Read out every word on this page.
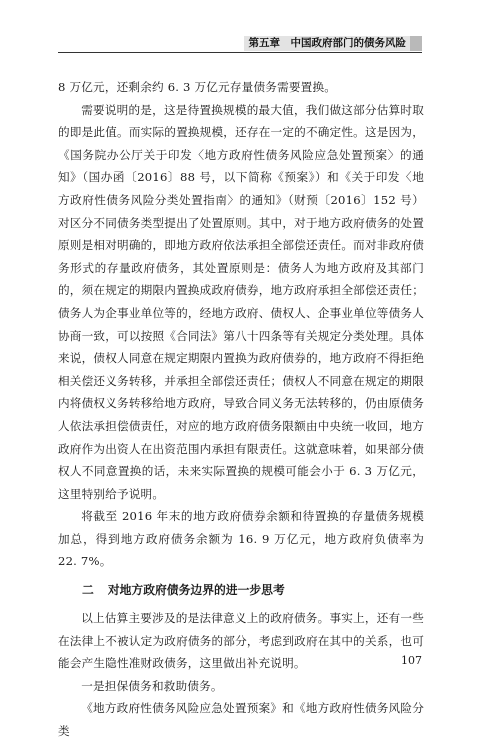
第五章　中国政府部门的债务风险

8 万亿元，还剩余约 6. 3 万亿元存量债务需要置换。

需要说明的是，这是待置换规模的最大值，我们做这部分估算时取的即是此值。而实际的置换规模，还存在一定的不确定性。这是因为，《国务院办公厅关于印发〈地方政府性债务风险应急处置预案〉的通知》（国办函〔2016〕88 号，以下简称《预案》）和《关于印发〈地方政府性债务风险分类处置指南〉的通知》（财预〔2016〕152 号）对区分不同债务类型提出了处置原则。其中，对于地方政府债务的处置原则是相对明确的，即地方政府依法承担全部偿还责任。而对非政府债务形式的存量政府债务，其处置原则是：债务人为地方政府及其部门的，须在规定的期限内置换成政府债券，地方政府承担全部偿还责任；债务人为企事业单位等的，经地方政府、债权人、企事业单位等债务人协商一致，可以按照《合同法》第八十四条等有关规定分类处理。具体来说，债权人同意在规定期限内置换为政府债券的，地方政府不得拒绝相关偿还义务转移，并承担全部偿还责任；债权人不同意在规定的期限内将债权义务转移给地方政府，导致合同义务无法转移的，仍由原债务人依法承担偿债责任，对应的地方政府债务限额由中央统一收回，地方政府作为出资人在出资范围内承担有限责任。这就意味着，如果部分债权人不同意置换的话，未来实际置换的规模可能会小于 6. 3 万亿元，这里特别给予说明。

将截至 2016 年末的地方政府债券余额和待置换的存量债务规模加总，得到地方政府债务余额为 16. 9 万亿元，地方政府负债率为 22. 7%。

二 对地方政府债务边界的进一步思考

以上估算主要涉及的是法律意义上的政府债务。事实上，还有一些在法律上不被认定为政府债务的部分，考虑到政府在其中的关系，也可能会产生隐性准财政债务，这里做出补充说明。

一是担保债务和救助债务。

《地方政府性债务风险应急处置预案》和《地方政府性债务风险分类

107
